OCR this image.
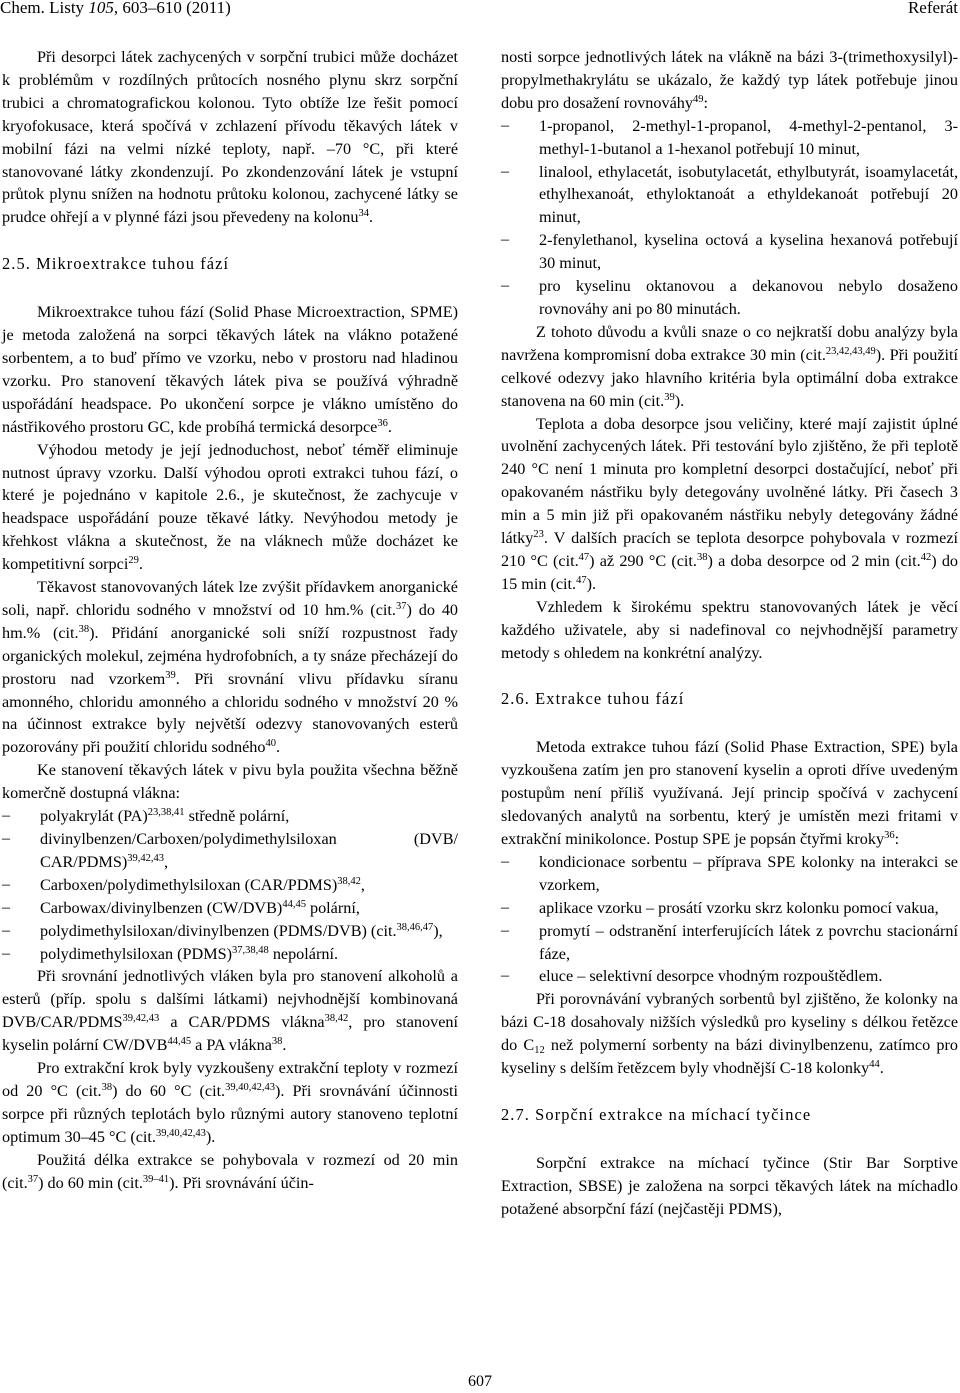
Chem. Listy 105, 603–610 (2011)	Referát

Při desorpci látek zachycených v sorpční trubici může docházet k problémům v rozdílných průtocích nosného plynu skrz sorpční trubici a chromatografickou kolonou. Tyto obtíže lze řešit pomocí kryofokusace, která spočívá v zchlazení přívodu těkavých látek v mobilní fázi na velmi nízké teploty, např. –70 °C, při které stanovované látky zkondenzují. Po zkondenzování látek je vstupní průtok plynu snížen na hodnotu průtoku kolonou, zachycené látky se prudce ohřejí a v plynné fázi jsou převedeny na kolonu$^{34}$.

2.5. Mikroextrakce tuhou fází

Mikroextrakce tuhou fází (Solid Phase Microextraction, SPME) je metoda založená na sorpci těkavých látek na vlákno potažené sorbentem, a to buď přímo ve vzorku, nebo v prostoru nad hladinou vzorku. Pro stanovení těkavých látek piva se používá výhradně uspořádání headspace. Po ukončení sorpce je vlákno umístěno do nástřikového prostoru GC, kde probíhá termická desorpce$^{36}$.

Výhodou metody je její jednoduchost, neboť téměř eliminuje nutnost úpravy vzorku. Další výhodou oproti extrakci tuhou fází, o které je pojednáno v kapitole 2.6., je skutečnost, že zachycuje v headspace uspořádání pouze těkavé látky. Nevýhodou metody je křehkost vlákna a skutečnost, že na vláknech může docházet ke kompetitivní sorpci$^{29}$.

Těkavost stanovovaných látek lze zvýšit přídavkem anorganické soli, např. chloridu sodného v množství od 10 hm.% (cit.$^{37}$) do 40 hm.% (cit.$^{38}$). Přidání anorganické soli sníží rozpustnost řady organických molekul, zejména hydrofobních, a ty snáze přecházejí do prostoru nad vzorkem$^{39}$. Při srovnání vlivu přídavku síranu amonného, chloridu amonného a chloridu sodného v množství 20 % na účinnost extrakce byly největší odezvy stanovovaných esterů pozorovány při použití chloridu sodného$^{40}$.

Ke stanovení těkavých látek v pivu byla použita všechna běžně komerčně dostupná vlákna:

– polyakrylát (PA)$^{23,38,41}$ středně polární,
– divinylbenzen/Carboxen/polydimethylsiloxan (DVB/ CAR/PDMS)$^{39,42,43}$,
– Carboxen/polydimethylsiloxan (CAR/PDMS)$^{38,42}$,
– Carbowax/divinylbenzen $(CW/DVB)^{44,45}$ polární,
– polydimethylsiloxan/divinylbenzen (PDMS/DVB) (cit.$^{38,46,47}$),
– polydimethylsiloxan (PDMS)$^{37,38,48}$ nepolární.

Při srovnání jednotlivých vláken byla pro stanovení alkoholů a esterů (příp. spolu s dalšími látkami) nejvhodnější kombinovaná DVB/CAR/PDMS$^{39,42,43}$ a CAR/PDMS vlákna$^{38,42}$, pro stanovení kyselin polární CW/DVB$^{44,45}$ a PA vlákna$^{38}$.

Pro extrakční krok byly vyzkoušeny extrakční teploty v rozmezí od 20 °C (cit.$^{38}$) do 60 °C (cit.$^{39,40,42,43}$). Při srovnávání účinnosti sorpce při různých teplotách bylo různými autory stanoveno teplotní optimum 30–45 °C (cit.$^{39,40,42,43}$).

Použitá délka extrakce se pohybovala v rozmezí od 20 min (cit.$^{37}$) do 60 min (cit.$^{39-41}$). Při srovnávání účin-

nosti sorpce jednotlivých látek na vlákně na bázi 3-(trimethoxysilyl)-propylmethakrylátu se ukázalo, že každý typ látek potřebuje jinou dobu pro dosažení rovnováhy$^{49}$:

– 1-propanol, 2-methyl-1-propanol, 4-methyl-2-pentanol, 3-methyl-1-butanol a 1-hexanol potřebují 10 minut,
– linalool, ethylacetát, isobutylacetát, ethylbutyrát, isoamylacetát, ethylhexanoát, ethyloktanoát a ethyldekanoát potřebují 20 minut,
– 2-fenylethanol, kyselina octová a kyselina hexanová potřebují 30 minut,
– pro kyselinu oktanovou a dekanovou nebylo dosaženo rovnováhy ani po 80 minutách.

Z tohoto důvodu a kvůli snaze o co nejkratší dobu analýzy byla navržena kompromisní doba extrakce 30 min (cit.$^{23,42,43,49}$). Při použití celkové odezvy jako hlavního kritéria byla optimální doba extrakce stanovena na 60 min (cit.$^{39}$).

Teplota a doba desorpce jsou veličiny, které mají zajistit úplné uvolnění zachycených látek. Při testování bylo zjištěno, že při teplotě 240 °C není 1 minuta pro kompletní desorpci dostačující, neboť při opakovaném nástřiku byly detegovány uvolněné látky. Při časech 3 min a 5 min již při opakovaném nástřiku nebyly detegovány žádné látky$^{23}$. V dalších pracích se teplota desorpce pohybovala v rozmezí 210 °C (cit.$^{47}$) až 290 °C (cit.$^{38}$) a doba desorpce od 2 min (cit.$^{42}$) do 15 min (cit.$^{47}$).

Vzhledem k širokému spektru stanovovaných látek je věcí každého uživatele, aby si nadefinoval co nejvhodnější parametry metody s ohledem na konkrétní analýzy.

2.6. Extrakce tuhou fází

Metoda extrakce tuhou fází (Solid Phase Extraction, SPE) byla vyzkoušena zatím jen pro stanovení kyselin a oproti dříve uvedeným postupům není příliš využívaná. Její princip spočívá v zachycení sledovaných analytů na sorbentu, který je umístěn mezi fritami v extrakční minikolonce. Postup SPE je popsán čtyřmi kroky$^{36}$:

– kondicionace sorbentu – příprava SPE kolonky na interakci se vzorkem,
– aplikace vzorku – prosátí vzorku skrz kolonku pomocí vakua,
– promytí – odstranění interferujících látek z povrchu stacionární fáze,
– eluce – selektivní desorpce vhodným rozpouštědlem.

Při porovnávání vybraných sorbentů byl zjištěno, že kolonky na bázi C-18 dosahovaly nižších výsledků pro kyseliny s délkou řetězce do $C_{12}$ než polymerní sorbenty na bázi divinylbenzenu, zatímco pro kyseliny s delším řetězcem byly vhodnější C-18 kolonky$^{44}$.

2.7. Sorpční extrakce na míchací tyčince

Sorpční extrakce na míchací tyčince (Stir Bar Sorptive Extraction, SBSE) je založena na sorpci těkavých látek na míchadlo potažené absorpční fází (nejčastěji PDMS),

607
